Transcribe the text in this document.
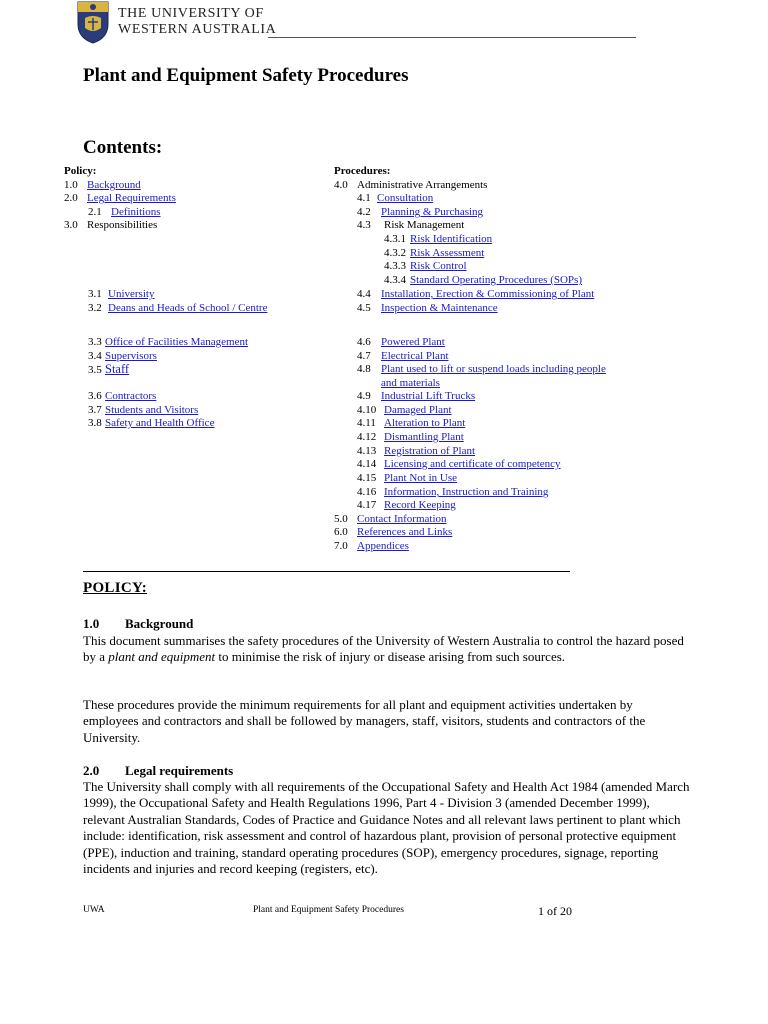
THE UNIVERSITY OF
WESTERN AUSTRALIA
Plant and Equipment Safety Procedures
Contents:
Policy:
1.0 Background
2.0 Legal Requirements
2.1 Definitions
3.0 Responsibilities
3.1 University
3.2 Deans and Heads of School / Centre
3.3 Office of Facilities Management
3.4 Supervisors
3.5 Staff
3.6 Contractors
3.7 Students and Visitors
3.8 Safety and Health Office
Procedures:
4.0 Administrative Arrangements
4.1 Consultation
4.2 Planning & Purchasing
4.3 Risk Management
4.3.1 Risk Identification
4.3.2 Risk Assessment
4.3.3 Risk Control
4.3.4 Standard Operating Procedures (SOPs)
4.4 Installation, Erection & Commissioning of Plant
4.5 Inspection & Maintenance
4.6 Powered Plant
4.7 Electrical Plant
4.8 Plant used to lift or suspend loads including people
and materials
4.9 Industrial Lift Trucks
4.10 Damaged Plant
4.11 Alteration to Plant
4.12 Dismantling Plant
4.13 Registration of Plant
4.14 Licensing and certificate of competency
4.15 Plant Not in Use
4.16 Information, Instruction and Training
4.17 Record Keeping
5.0 Contact Information
6.0 References and Links
7.0 Appendices
POLICY:
1.0 Background
This document summarises the safety procedures of the University of Western Australia to control the hazard posed by a plant and equipment to minimise the risk of injury or disease arising from such sources.
These procedures provide the minimum requirements for all plant and equipment activities undertaken by employees and contractors and shall be followed by managers, staff, visitors, students and contractors of the University.
2.0 Legal requirements
The University shall comply with all requirements of the Occupational Safety and Health Act 1984 (amended March 1999), the Occupational Safety and Health Regulations 1996, Part 4 - Division 3 (amended December 1999), relevant Australian Standards, Codes of Practice and Guidance Notes and all relevant laws pertinent to plant which include: identification, risk assessment and control of hazardous plant, provision of personal protective equipment (PPE), induction and training, standard operating procedures (SOP), emergency procedures, signage, reporting incidents and injuries and record keeping (registers, etc).
UWA	Plant and Equipment Safety Procedures	1 of 20
